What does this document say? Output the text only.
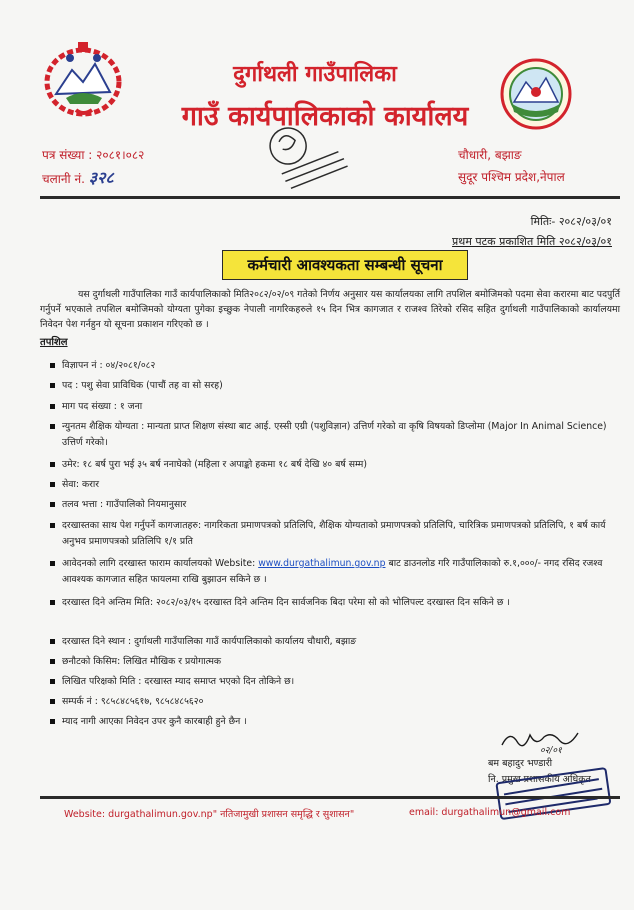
दुर्गाथली गाउँपालिका
गाउँ कार्यपालिकाको कार्यालय
पत्र संख्या : २०८१।०८२
चलानी नं. ३२८
चौधारी, बझाङ
सुदूर पश्चिम प्रदेश,नेपाल
मितिः- २०८२/०३/०१
प्रथम पटक प्रकाशित मिति २०८२/०३/०१
कर्मचारी आवश्यकता सम्बन्धी सूचना
यस दुर्गाथली गाउँपालिका गाउँ कार्यपालिकाको मिति२०८२/०२/०९ गतेको निर्णय अनुसार यस कार्यालयका लागि तपशिल बमोजिमको पदमा सेवा करारमा बाट पदपुर्ति गर्नुपर्ने भएकाले तपशिल बमोजिमको योग्यता पुगेका इच्छुक नेपाली नागरिकहरुले १५ दिन भित्र कागजात र राजश्व तिरेको रसिद सहित दुर्गाथली गाउँपालिकाको कार्यालयमा निवेदन पेश गर्नहुन यो सूचना प्रकाशन गरिएको छ ।
तपशिल
विज्ञापन नं : ०४/२०८१/०८२
पद : पशु सेवा प्राविधिक (पाचौं तह वा सो सरह)
माग पद संख्या : १ जना
न्युनतम शैक्षिक योग्यता : मान्यता प्राप्त शिक्षण संस्था बाट आई. एस्सी एग्री (पशुविज्ञान) उत्तिर्ण गरेको वा कृषि विषयको डिप्लोमा (Major In Animal Science) उत्तिर्ण गरेको।
उमेर: १८ बर्ष पुरा भई ३५ बर्ष ननाघेको (महिला र अपाङ्को हकमा १८ बर्ष देखि ४० बर्ष सम्म)
सेवा: करार
तलव भत्ता : गाउँपालिको नियमानुसार
दरखास्तका साथ पेश गर्नुपर्ने कागजातहरु: नागरिकता प्रमाणपत्रको प्रतिलिपि, शैक्षिक योग्यताको प्रमाणपत्रको प्रतिलिपि, चारित्रिक प्रमाणपत्रको प्रतिलिपि, १ बर्ष कार्य अनुभव प्रमाणपत्रको प्रतिलिपि १/१ प्रति
आवेदनको लागि दरखास्त फाराम कार्यालयको Website: www.durgathalimun.gov.np बाट डाउनलोड गरि गाउँपालिकाको रु.१,०००/- नगद रसिद रजश्व आवश्यक कागजात सहित फायलमा राखि बुझाउन सकिने छ ।
दरखास्त दिने अन्तिम मिति: २०८२/०३/१५ दरखास्त दिने अन्तिम दिन सार्वजनिक बिदा परेमा सो को भोलिपल्ट दरखास्त दिन सकिने छ ।
दरखास्त दिने स्थान : दुर्गाथली गाउँपालिका गाउँ कार्यपालिकाको कार्यालय चौधारी, बझाङ
छनौटको किसिम: लिखित मौखिक र प्रयोगात्मक
लिखित परिक्षको मिति : दरखास्त म्याद समाप्त भएको दिन तोकिने छ।
सम्पर्क नं : ९८५८४८५६१७, ९८५८४८५६२०
म्याद नागी आएका निवेदन उपर कुनै कारबाही हुने छैन ।
०२/०१
बम बहादुर भण्डारी
नि. प्रमुख प्रशासकीय अधिकृत
Website: durgathalimun.gov.np" नतिजामुखी प्रशासन समृद्धि र सुशासन"	email: durgathalimun@gmail.com
